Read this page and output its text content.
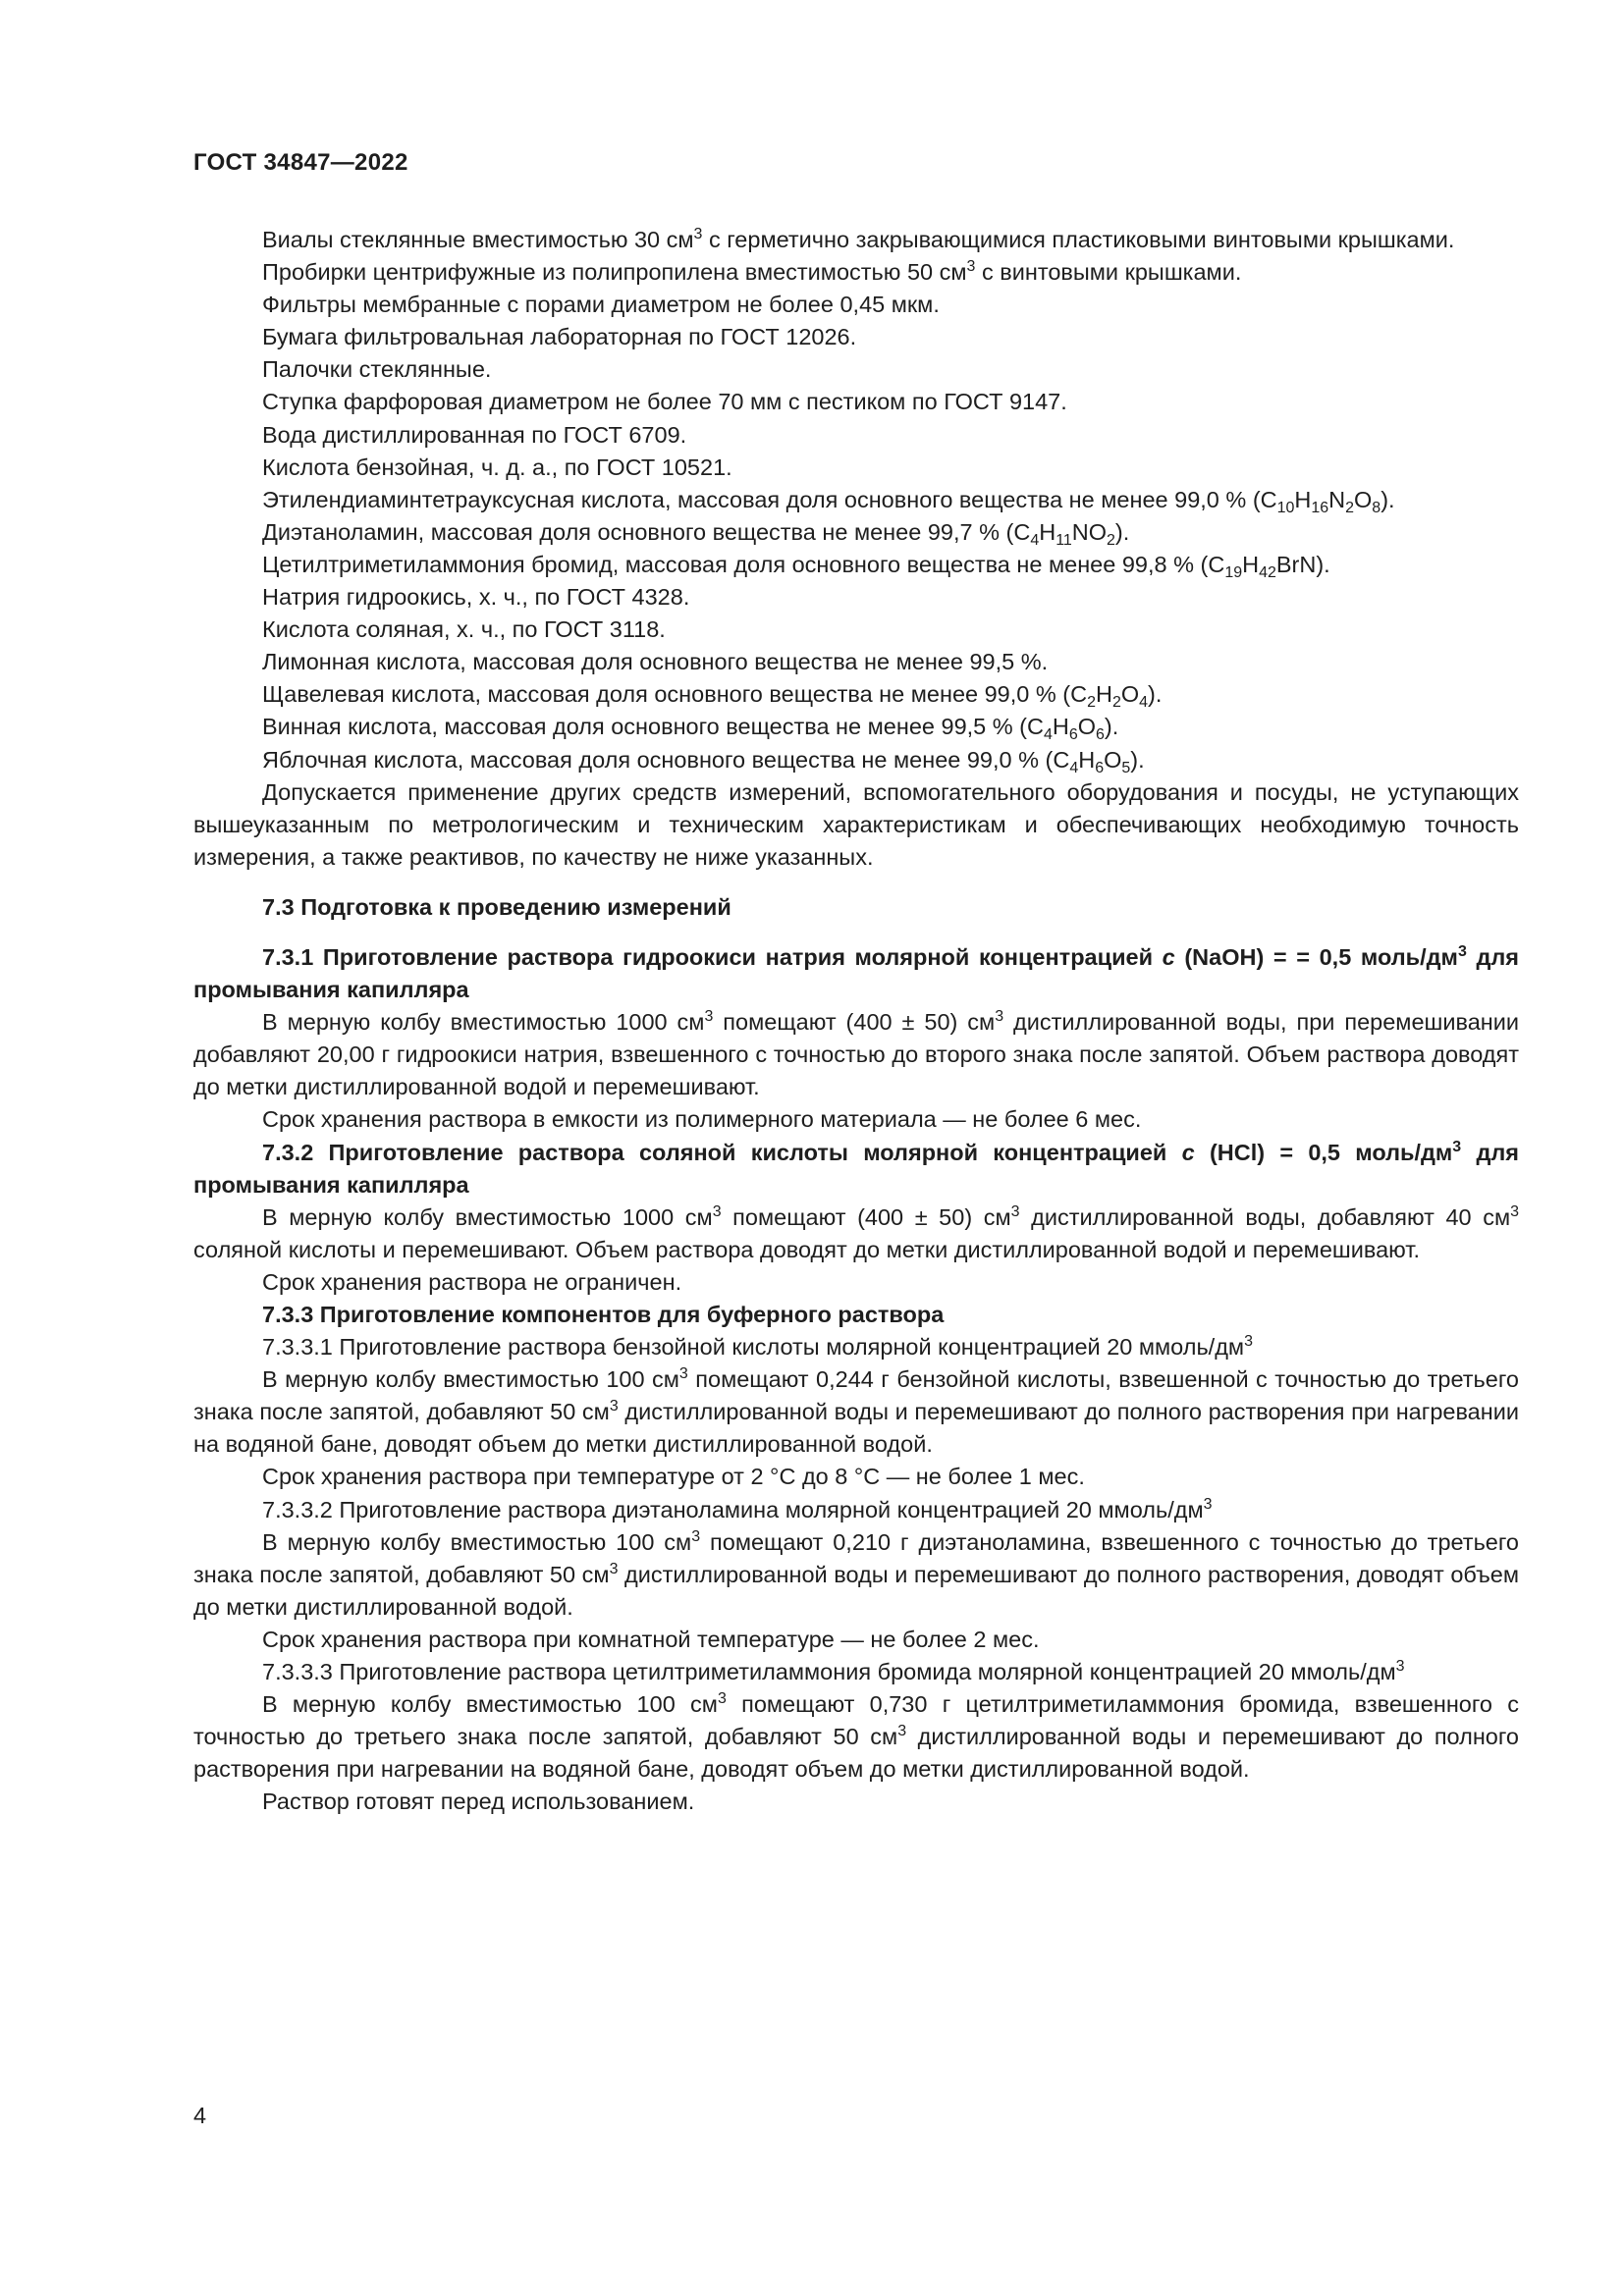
ГОСТ 34847—2022

Виалы стеклянные вместимостью 30 $см^3$ с герметично закрывающимися пластиковыми винтовыми крышками.

Пробирки центрифужные из полипропилена вместимостью 50 $см^3$ с винтовыми крышками.

Фильтры мембранные с порами диаметром не более 0,45 мкм.

Бумага фильтровальная лабораторная по ГОСТ 12026.

Палочки стеклянные.

Ступка фарфоровая диаметром не более 70 мм с пестиком по ГОСТ 9147.

Вода дистиллированная по ГОСТ 6709.

Кислота бензойная, ч. д. а., по ГОСТ 10521.

Этилендиаминтетрауксусная кислота, массовая доля основного вещества не менее 99,0 % $(C_{10}H_{16}N_2O_8)$.

Диэтаноламин, массовая доля основного вещества не менее 99,7 % $(C_4H_{11}NO_2)$.

Цетилтриметиламмония бромид, массовая доля основного вещества не менее 99,8 % $(C_{19}H_{42}BrN)$.

Натрия гидроокись, х. ч., по ГОСТ 4328.

Кислота соляная, х. ч., по ГОСТ 3118.

Лимонная кислота, массовая доля основного вещества не менее 99,5 %.

Щавелевая кислота, массовая доля основного вещества не менее 99,0 % $(C_2H_2O_4)$.

Винная кислота, массовая доля основного вещества не менее 99,5 % $(C_4H_6O_6)$.

Яблочная кислота, массовая доля основного вещества не менее 99,0 % $(C_4H_6O_5)$.

Допускается применение других средств измерений, вспомогательного оборудования и посуды, не уступающих вышеуказанным по метрологическим и техническим характеристикам и обеспечивающих необходимую точность измерения, а также реактивов, по качеству не ниже указанных.

7.3 Подготовка к проведению измерений

7.3.1 Приготовление раствора гидроокиси натрия молярной концентрацией c (NaOH) = = 0,5 моль/$дм^3$ для промывания капилляра

В мерную колбу вместимостью 1000 $см^3$ помещают (400 ± 50) $см^3$ дистиллированной воды, при перемешивании добавляют 20,00 г гидроокиси натрия, взвешенного с точностью до второго знака после запятой. Объем раствора доводят до метки дистиллированной водой и перемешивают.

Срок хранения раствора в емкости из полимерного материала — не более 6 мес.

7.3.2 Приготовление раствора соляной кислоты молярной концентрацией c (HCl) = 0,5 моль/$дм^3$ для промывания капилляра

В мерную колбу вместимостью 1000 $см^3$ помещают (400 ± 50) $см^3$ дистиллированной воды, добавляют 40 $см^3$ соляной кислоты и перемешивают. Объем раствора доводят до метки дистиллированной водой и перемешивают.

Срок хранения раствора не ограничен.

7.3.3 Приготовление компонентов для буферного раствора

7.3.3.1 Приготовление раствора бензойной кислоты молярной концентрацией 20 ммоль/$дм^3$

В мерную колбу вместимостью 100 $см^3$ помещают 0,244 г бензойной кислоты, взвешенной с точностью до третьего знака после запятой, добавляют 50 $см^3$ дистиллированной воды и перемешивают до полного растворения при нагревании на водяной бане, доводят объем до метки дистиллированной водой.

Срок хранения раствора при температуре от 2 °C до 8 °C — не более 1 мес.

7.3.3.2 Приготовление раствора диэтаноламина молярной концентрацией 20 ммоль/$дм^3$

В мерную колбу вместимостью 100 $см^3$ помещают 0,210 г диэтаноламина, взвешенного с точностью до третьего знака после запятой, добавляют 50 $см^3$ дистиллированной воды и перемешивают до полного растворения, доводят объем до метки дистиллированной водой.

Срок хранения раствора при комнатной температуре — не более 2 мес.

7.3.3.3 Приготовление раствора цетилтриметиламмония бромида молярной концентрацией 20 ммоль/$дм^3$

В мерную колбу вместимостью 100 $см^3$ помещают 0,730 г цетилтриметиламмония бромида, взвешенного с точностью до третьего знака после запятой, добавляют 50 $см^3$ дистиллированной воды и перемешивают до полного растворения при нагревании на водяной бане, доводят объем до метки дистиллированной водой.

Раствор готовят перед использованием.

4
